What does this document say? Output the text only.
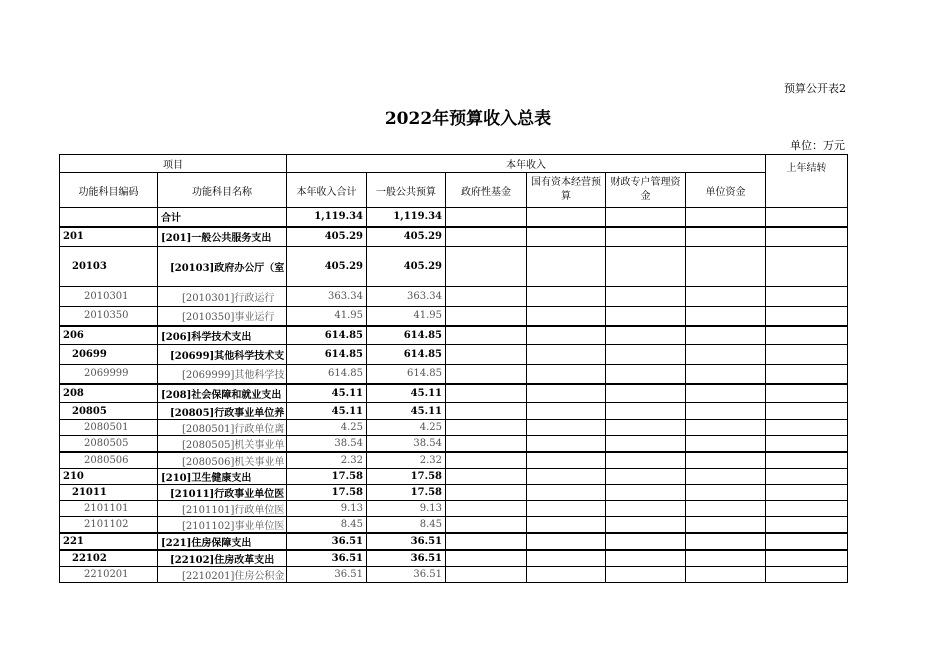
预算公开表2
2022年预算收入总表
单位：万元
项目		本年收入						上年结转
功能科目编码	功能科目名称	本年收入合计	一般公共预算	政府性基金	国有资本经营预算	财政专户管理资金	单位资金	
	合计	1,119.34	1,119.34					
201	[201]一般公共服务支出	405.29	405.29					
20103	[20103]政府办公厅（室	405.29	405.29					
2010301	[2010301]行政运行	363.34	363.34					
2010350	[2010350]事业运行	41.95	41.95					
206	[206]科学技术支出	614.85	614.85					
20699	[20699]其他科学技术支	614.85	614.85					
2069999	[2069999]其他科学技	614.85	614.85					
208	[208]社会保障和就业支出	45.11	45.11					
20805	[20805]行政事业单位养	45.11	45.11					
2080501	[2080501]行政单位离	4.25	4.25					
2080505	[2080505]机关事业单	38.54	38.54					
2080506	[2080506]机关事业单	2.32	2.32					
210	[210]卫生健康支出	17.58	17.58					
21011	[21011]行政事业单位医	17.58	17.58					
2101101	[2101101]行政单位医	9.13	9.13					
2101102	[2101102]事业单位医	8.45	8.45					
221	[221]住房保障支出	36.51	36.51					
22102	[22102]住房改革支出	36.51	36.51					
2210201	[2210201]住房公积金	36.51	36.51					
